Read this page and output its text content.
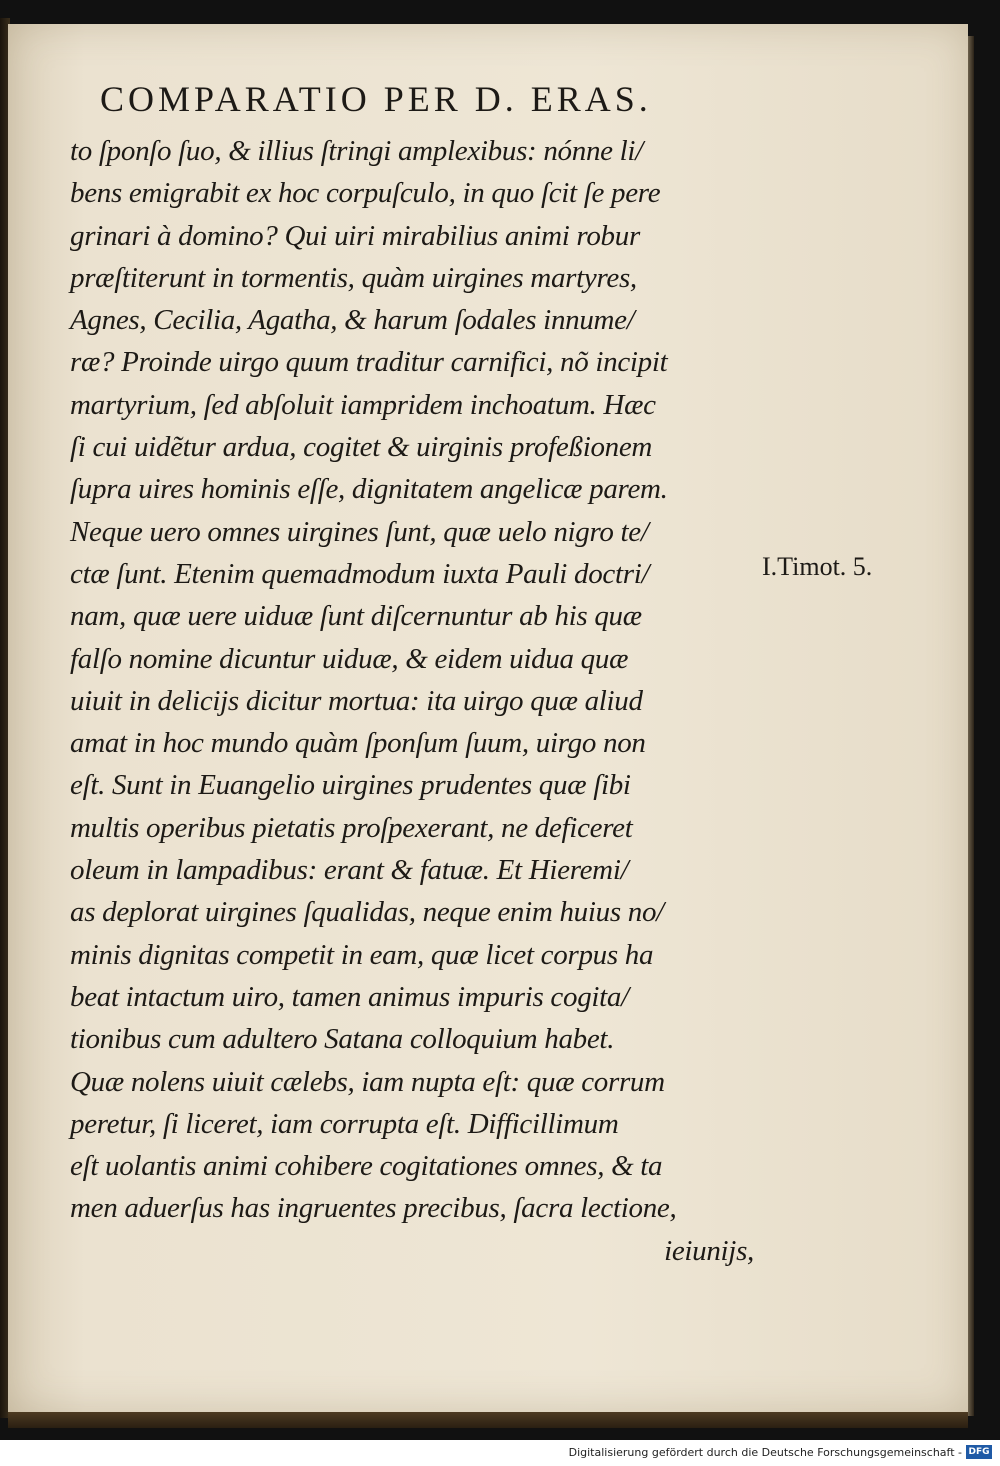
COMPARATIO PER D. ERAS.
to ſponſo ſuo, & illius ſtringi amplexibus: nónne li/
bens emigrabit ex hoc corpuſculo, in quo ſcit ſe pere
grinari à domino? Qui uiri mirabilius animi robur
præſtiterunt in tormentis, quàm uirgines martyres,
Agnes, Cecilia, Agatha, & harum ſodales innume/
ræ? Proinde uirgo quum traditur carnifici, nõ incipit
martyrium, ſed abſoluit iampridem inchoatum. Hæc
ſi cui uidẽtur ardua, cogitet & uirginis profeßionem
ſupra uires hominis eſſe, dignitatem angelicæ parem.
Neque uero omnes uirgines ſunt, quæ uelo nigro te/
ctæ ſunt. Etenim quemadmodum iuxta Pauli doctri/
nam, quæ uere uiduæ ſunt diſcernuntur ab his quæ
falſo nomine dicuntur uiduæ, & eidem uidua quæ
uiuit in delicijs dicitur mortua: ita uirgo quæ aliud
amat in hoc mundo quàm ſponſum ſuum, uirgo non
eſt. Sunt in Euangelio uirgines prudentes quæ ſibi
multis operibus pietatis proſpexerant, ne deficeret
oleum in lampadibus: erant & fatuæ. Et Hieremi/
as deplorat uirgines ſqualidas, neque enim huius no/
minis dignitas competit in eam, quæ licet corpus ha
beat intactum uiro, tamen animus impuris cogita/
tionibus cum adultero Satana colloquium habet.
Quæ nolens uiuit cælebs, iam nupta eſt: quæ corrum
peretur, ſi liceret, iam corrupta eſt. Difficillimum
eſt uolantis animi cohibere cogitationes omnes, & ta
men aduerſus has ingruentes precibus, ſacra lectione,
ieiunijs,
I.Timot. 5.
Digitalisierung gefördert durch die Deutsche Forschungsgemeinschaft - DFG
